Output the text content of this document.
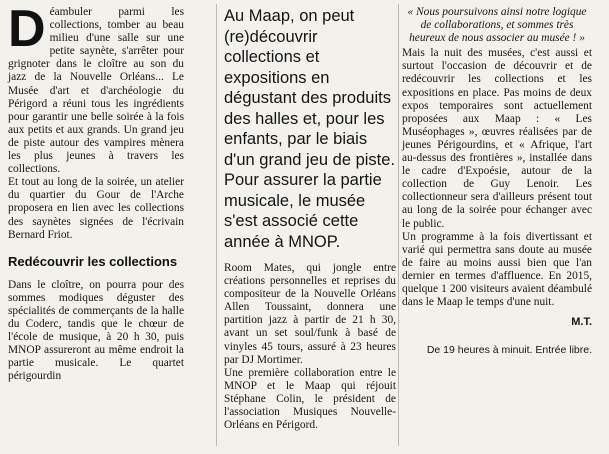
Déambuler parmi les collections, tomber au beau milieu d'une salle sur une petite saynète, s'arrêter pour grignoter dans le cloître au son du jazz de la Nouvelle Orléans... Le Musée d'art et d'archéologie du Périgord a réuni tous les ingrédients pour garantir une belle soirée à la fois aux petits et aux grands. Un grand jeu de piste autour des vampires mènera les plus jeunes à travers les collections.

Et tout au long de la soirée, un atelier du quartier du Gour de l'Arche proposera en lien avec les collections des saynètes signées de l'écrivain Bernard Friot.

Redécouvrir les collections

Dans le cloître, on pourra pour des sommes modiques déguster des spécialités de commerçants de la halle du Coderc, tandis que le chœur de l'école de musique, à 20 h 30, puis MNOP assureront au même endroit la partie musicale. Le quartet périgourdin

Au Maap, on peut (re)découvrir collections et expositions en dégustant des produits des halles et, pour les enfants, par le biais d'un grand jeu de piste. Pour assurer la partie musicale, le musée s'est associé cette année à MNOP.

Room Mates, qui jongle entre créations personnelles et reprises du compositeur de la Nouvelle Orléans Allen Toussaint, donnera une partition jazz à partir de 21 h 30, avant un set soul/funk à basé de vinyles 45 tours, assuré à 23 heures par DJ Mortimer.

Une première collaboration entre le MNOP et le Maap qui réjouit Stéphane Colin, le président de l'association Musiques Nouvelle-Orléans en Périgord.

« Nous poursuivons ainsi notre logique de collaborations, et sommes très heureux de nous associer au musée ! »

Mais la nuit des musées, c'est aussi et surtout l'occasion de découvrir et de redécouvrir les collections et les expositions en place. Pas moins de deux expos temporaires sont actuellement proposées aux Maap : « Les Muséophages », œuvres réalisées par de jeunes Périgourdins, et « Afrique, l'art au-dessus des frontières », installée dans le cadre d'Expoésie, autour de la collection de Guy Lenoir. Les collectionneur sera d'ailleurs présent tout au long de la soirée pour échanger avec le public.

Un programme à la fois divertissant et varié qui permettra sans doute au musée de faire au moins aussi bien que l'an dernier en termes d'affluence. En 2015, quelque 1 200 visiteurs avaient déambulé dans le Maap le temps d'une nuit.

M.T.
De 19 heures à minuit. Entrée libre.
